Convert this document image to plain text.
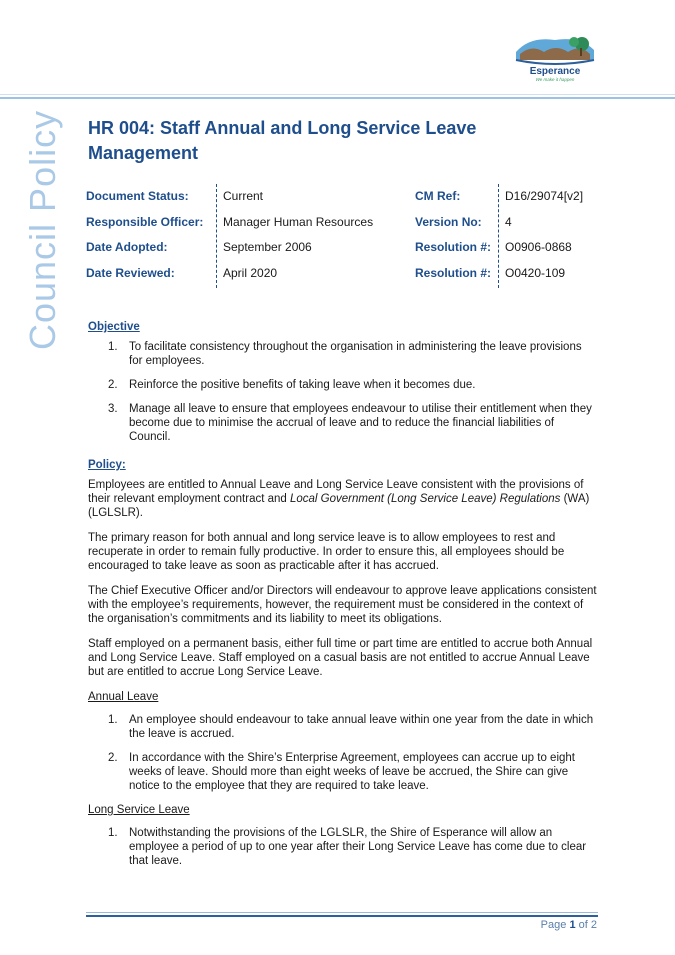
Esperance
We make it happen
Council Policy HR 004: Staff Annual and Long Service Leave
Management
Document Status:	Current	CM Ref:	D16/29074[v2]
Responsible Officer: Manager Human Resources	Version No: 4
Date Adopted:	September 2006	Resolution #: O0906-0868
Date Reviewed:	April 2020	Resolution #: O0420-109
Objective
1. To facilitate consistency throughout the organisation in administering the leave provisions for employees.
2. Reinforce the positive benefits of taking leave when it becomes due.
3. Manage all leave to ensure that employees endeavour to utilise their entitlement when they become due to minimise the accrual of leave and to reduce the financial liabilities of Council.
Policy:

Employees are entitled to Annual Leave and Long Service Leave consistent with the provisions of their relevant employment contract and Local Government (Long Service Leave) Regulations (WA) (LGLSLR).

The primary reason for both annual and long service leave is to allow employees to rest and recuperate in order to remain fully productive. In order to ensure this, all employees should be encouraged to take leave as soon as practicable after it has accrued.

The Chief Executive Officer and/or Directors will endeavour to approve leave applications consistent with the employee’s requirements, however, the requirement must be considered in the context of the organisation’s commitments and its liability to meet its obligations.

Staff employed on a permanent basis, either full time or part time are entitled to accrue both Annual and Long Service Leave. Staff employed on a casual basis are not entitled to accrue Annual Leave but are entitled to accrue Long Service Leave.

Annual Leave
1. An employee should endeavour to take annual leave within one year from the date in which the leave is accrued.
2. In accordance with the Shire’s Enterprise Agreement, employees can accrue up to eight weeks of leave. Should more than eight weeks of leave be accrued, the Shire can give notice to the employee that they are required to take leave.
Long Service Leave
1. Notwithstanding the provisions of the LGLSLR, the Shire of Esperance will allow an employee a period of up to one year after their Long Service Leave has come due to clear that leave.
Page 1 of 2
